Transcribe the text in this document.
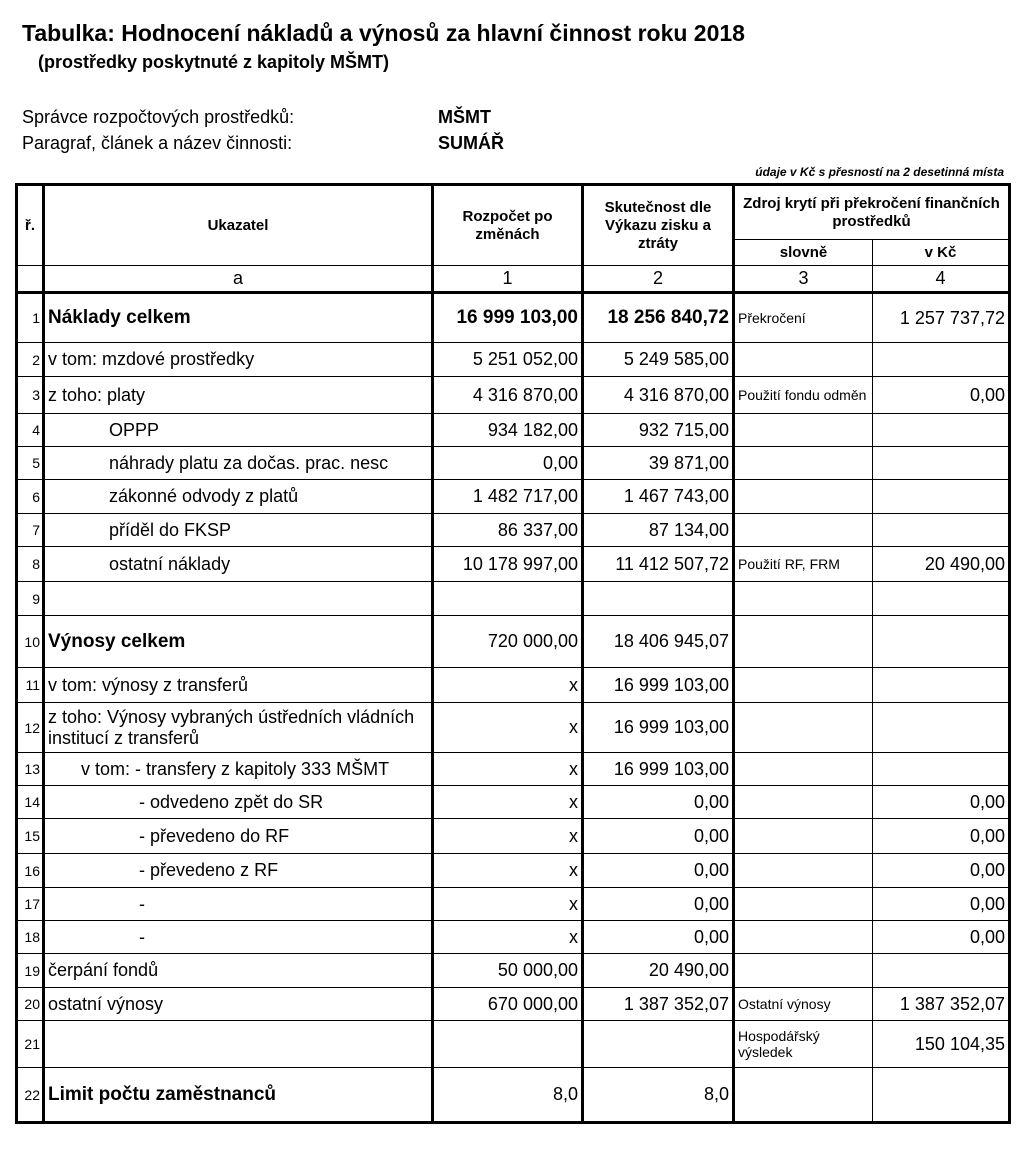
Tabulka: Hodnocení nákladů a výnosů za hlavní činnost roku 2018
(prostředky poskytnuté z kapitoly MŠMT)
Správce rozpočtových prostředků:	MŠMT
Paragraf, článek a název činnosti:	SUMÁŘ
údaje v Kč s přesností na 2 desetinná místa
ř.	Ukazatel	Rozpočet po změnách	Skutečnost dle Výkazu zisku a ztráty	Zdroj krytí při překročení finančních prostředků	
				slovně	v Kč
	a	1	2	3	4
1	Náklady celkem	16 999 103,00	18 256 840,72	Překročení	1 257 737,72
2	v tom: mzdové prostředky	5 251 052,00	5 249 585,00		
3	z toho: platy	4 316 870,00	4 316 870,00	Použití fondu odměn	0,00
4	OPPP	934 182,00	932 715,00		
5	náhrady platu za dočas. prac. nesc	0,00	39 871,00		
6	zákonné odvody z platů	1 482 717,00	1 467 743,00		
7	příděl do FKSP	86 337,00	87 134,00		
8	ostatní náklady	10 178 997,00	11 412 507,72	Použití RF, FRM	20 490,00
9					
10	Výnosy celkem	720 000,00	18 406 945,07		
11	v tom: výnosy z transferů	x	16 999 103,00		
12	z toho: Výnosy vybraných ústředních vládních institucí z transferů	x	16 999 103,00		
13	v tom: - transfery z kapitoly 333 MŠMT	x	16 999 103,00		
14	- odvedeno zpět do SR	x	0,00		0,00
15	- převedeno do RF	x	0,00		0,00
16	- převedeno z RF	x	0,00		0,00
17	-	x	0,00		0,00
18	-	x	0,00		0,00
19	čerpání fondů	50 000,00	20 490,00		
20	ostatní výnosy	670 000,00	1 387 352,07	Ostatní výnosy	1 387 352,07
21				Hospodářský výsledek	150 104,35
22	Limit počtu zaměstnanců	8,0	8,0		
